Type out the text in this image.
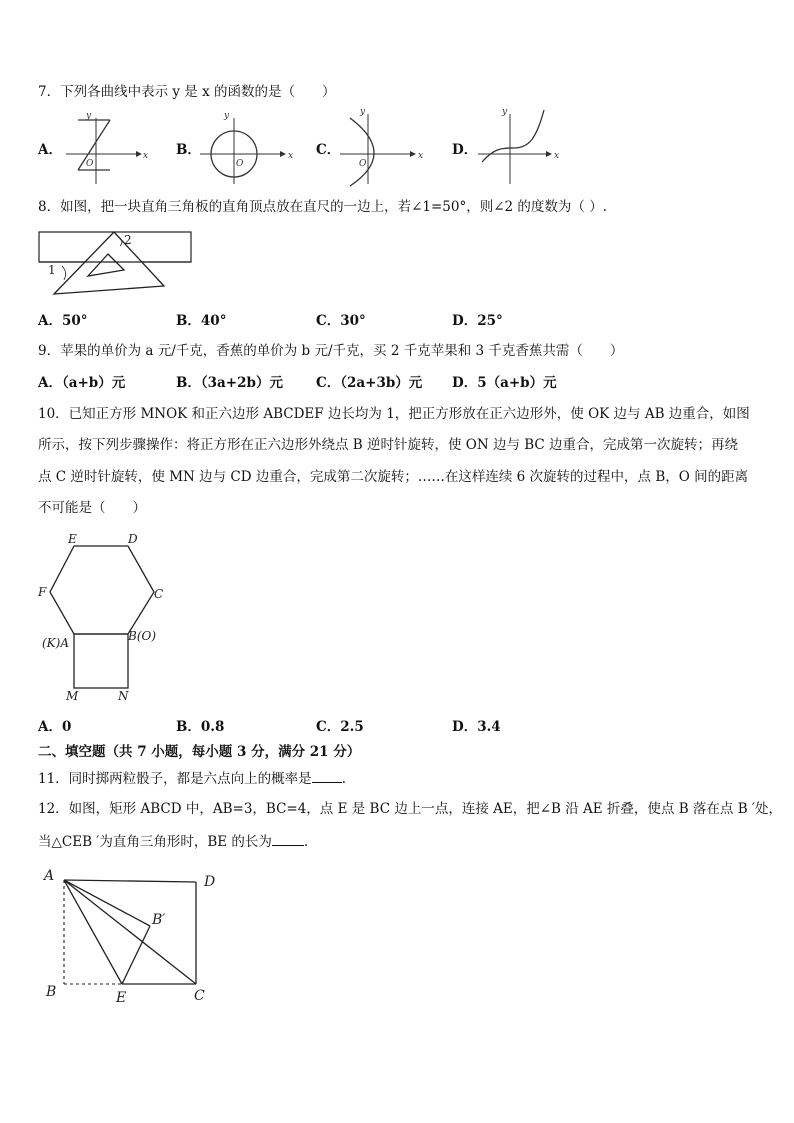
7．下列各曲线中表示 y 是 x 的函数的是（　　）
A．	x
y
O
B．	x
y
O
C．	x
y
O
D．	x
y
8．如图，把一块直角三角板的直角顶点放在直尺的一边上，若∠1=50°，则∠2 的度数为（ ）.
2
1
A．50°	B．40°	C．30°	D．25°
9．苹果的单价为 a 元/千克，香蕉的单价为 b 元/千克，买 2 千克苹果和 3 千克香蕉共需（　　）
A．（a+b）元	B．（3a+2b）元 C．（2a+3b）元 D．5（a+b）元
10．已知正方形 MNOK 和正六边形 ABCDEF 边长均为 1，把正方形放在正六边形外，使 OK 边与 AB 边重合，如图
所示，按下列步骤操作：将正方形在正六边形外绕点 B 逆时针旋转，使 ON 边与 BC 边重合，完成第一次旋转；再绕
点 C 逆时针旋转，使 MN 边与 CD 边重合，完成第二次旋转；……在这样连续 6 次旋转的过程中，点 B，O 间的距离
不可能是（　　）
E	D
F	C
(K)A	B(O)
M	N
A．0	B．0.8	C．2.5	D．3.4
二、填空题（共 7 小题，每小题 3 分，满分 21 分）
11．同时掷两粒骰子，都是六点向上的概率是 .
12．如图，矩形 ABCD 中，AB=3，BC=4，点 E 是 BC 边上一点，连接 AE，把∠B 沿 AE 折叠，使点 B 落在点 B ′处，
当△CEB ′为直角三角形时，BE 的长为 .
A	D
B′
B	E	C
